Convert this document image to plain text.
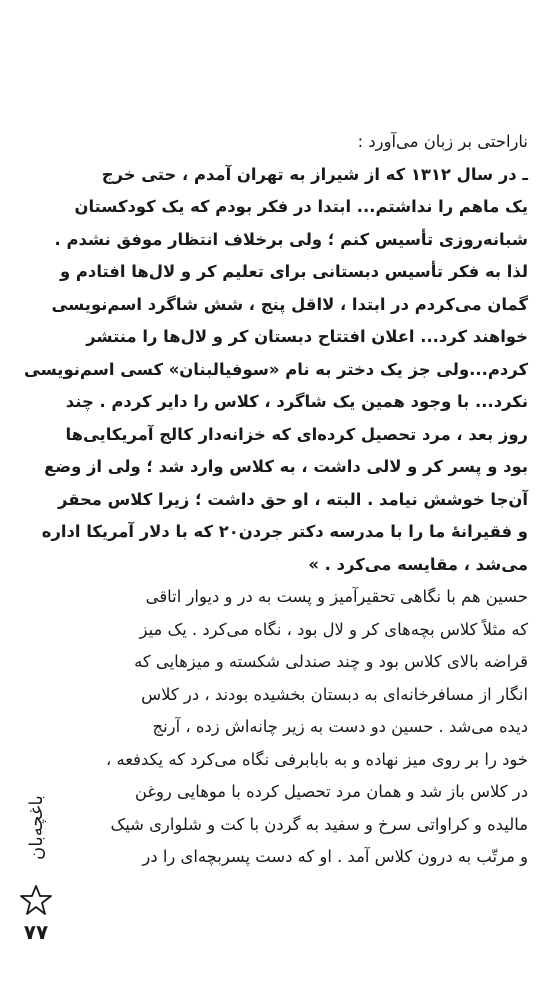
ناراحتی بر زبان می‌آورد :
ـ در سال ۱۳۱۲ که از شیراز به تهران آمدم ، حتی خرج
یک ماهم را نداشتم... ابتدا در فکر بودم که یک کودکستان
شبانه‌روزی تأسیس کنم ؛ ولی برخلاف انتظار موفق نشدم .
لذا به فکر تأسیس دبستانی برای تعلیم کر و لال‌ها افتادم و
گمان می‌کردم در ابتدا ، لااقل پنج ، شش شاگرد اسم‌نویسی
خواهند کرد... اعلان افتتاح دبستان کر و لال‌ها را منتشر
کردم...ولی جز یک دختر به نام «سوفیالبنان» کسی اسم‌نویسی
نکرد... با وجود همین یک شاگرد ، کلاس را دایر کردم . چند
روز بعد ، مرد تحصیل کرده‌ای که خزانه‌دار کالج آمریکایی‌ها
بود و پسر کر و لالی داشت ، به کلاس وارد شد ؛ ولی از وضع
آن‌جا خوشش نیامد . البته ، او حق داشت ؛ زیرا کلاس محقر
و فقیرانهٔ ما را با مدرسه دکتر جردن۲۰ که با دلار آمریکا اداره
می‌شد ، مقایسه می‌کرد . »
حسین هم با نگاهی تحقیرآمیز و پست به در و دیوار اتاقی
که مثلاً کلاس بچه‌های کر و لال بود ، نگاه می‌کرد . یک میز
قراضه بالای کلاس بود و چند صندلی شکسته و میزهایی که
انگار از مسافرخانه‌ای به دبستان بخشیده بودند ، در کلاس
دیده می‌شد . حسین دو دست به زیر چانه‌اش زده ، آرنج
خود را بر روی میز نهاده و به بابابرفی نگاه می‌کرد که یکدفعه ،
در کلاس باز شد و همان مرد تحصیل کرده با موهایی روغن
مالیده و کراواتی سرخ و سفید به گردن با کت و شلواری شیک
و مرتّب به درون کلاس آمد . او که دست پسربچه‌ای را در
باغچه‌بان
۷۷
